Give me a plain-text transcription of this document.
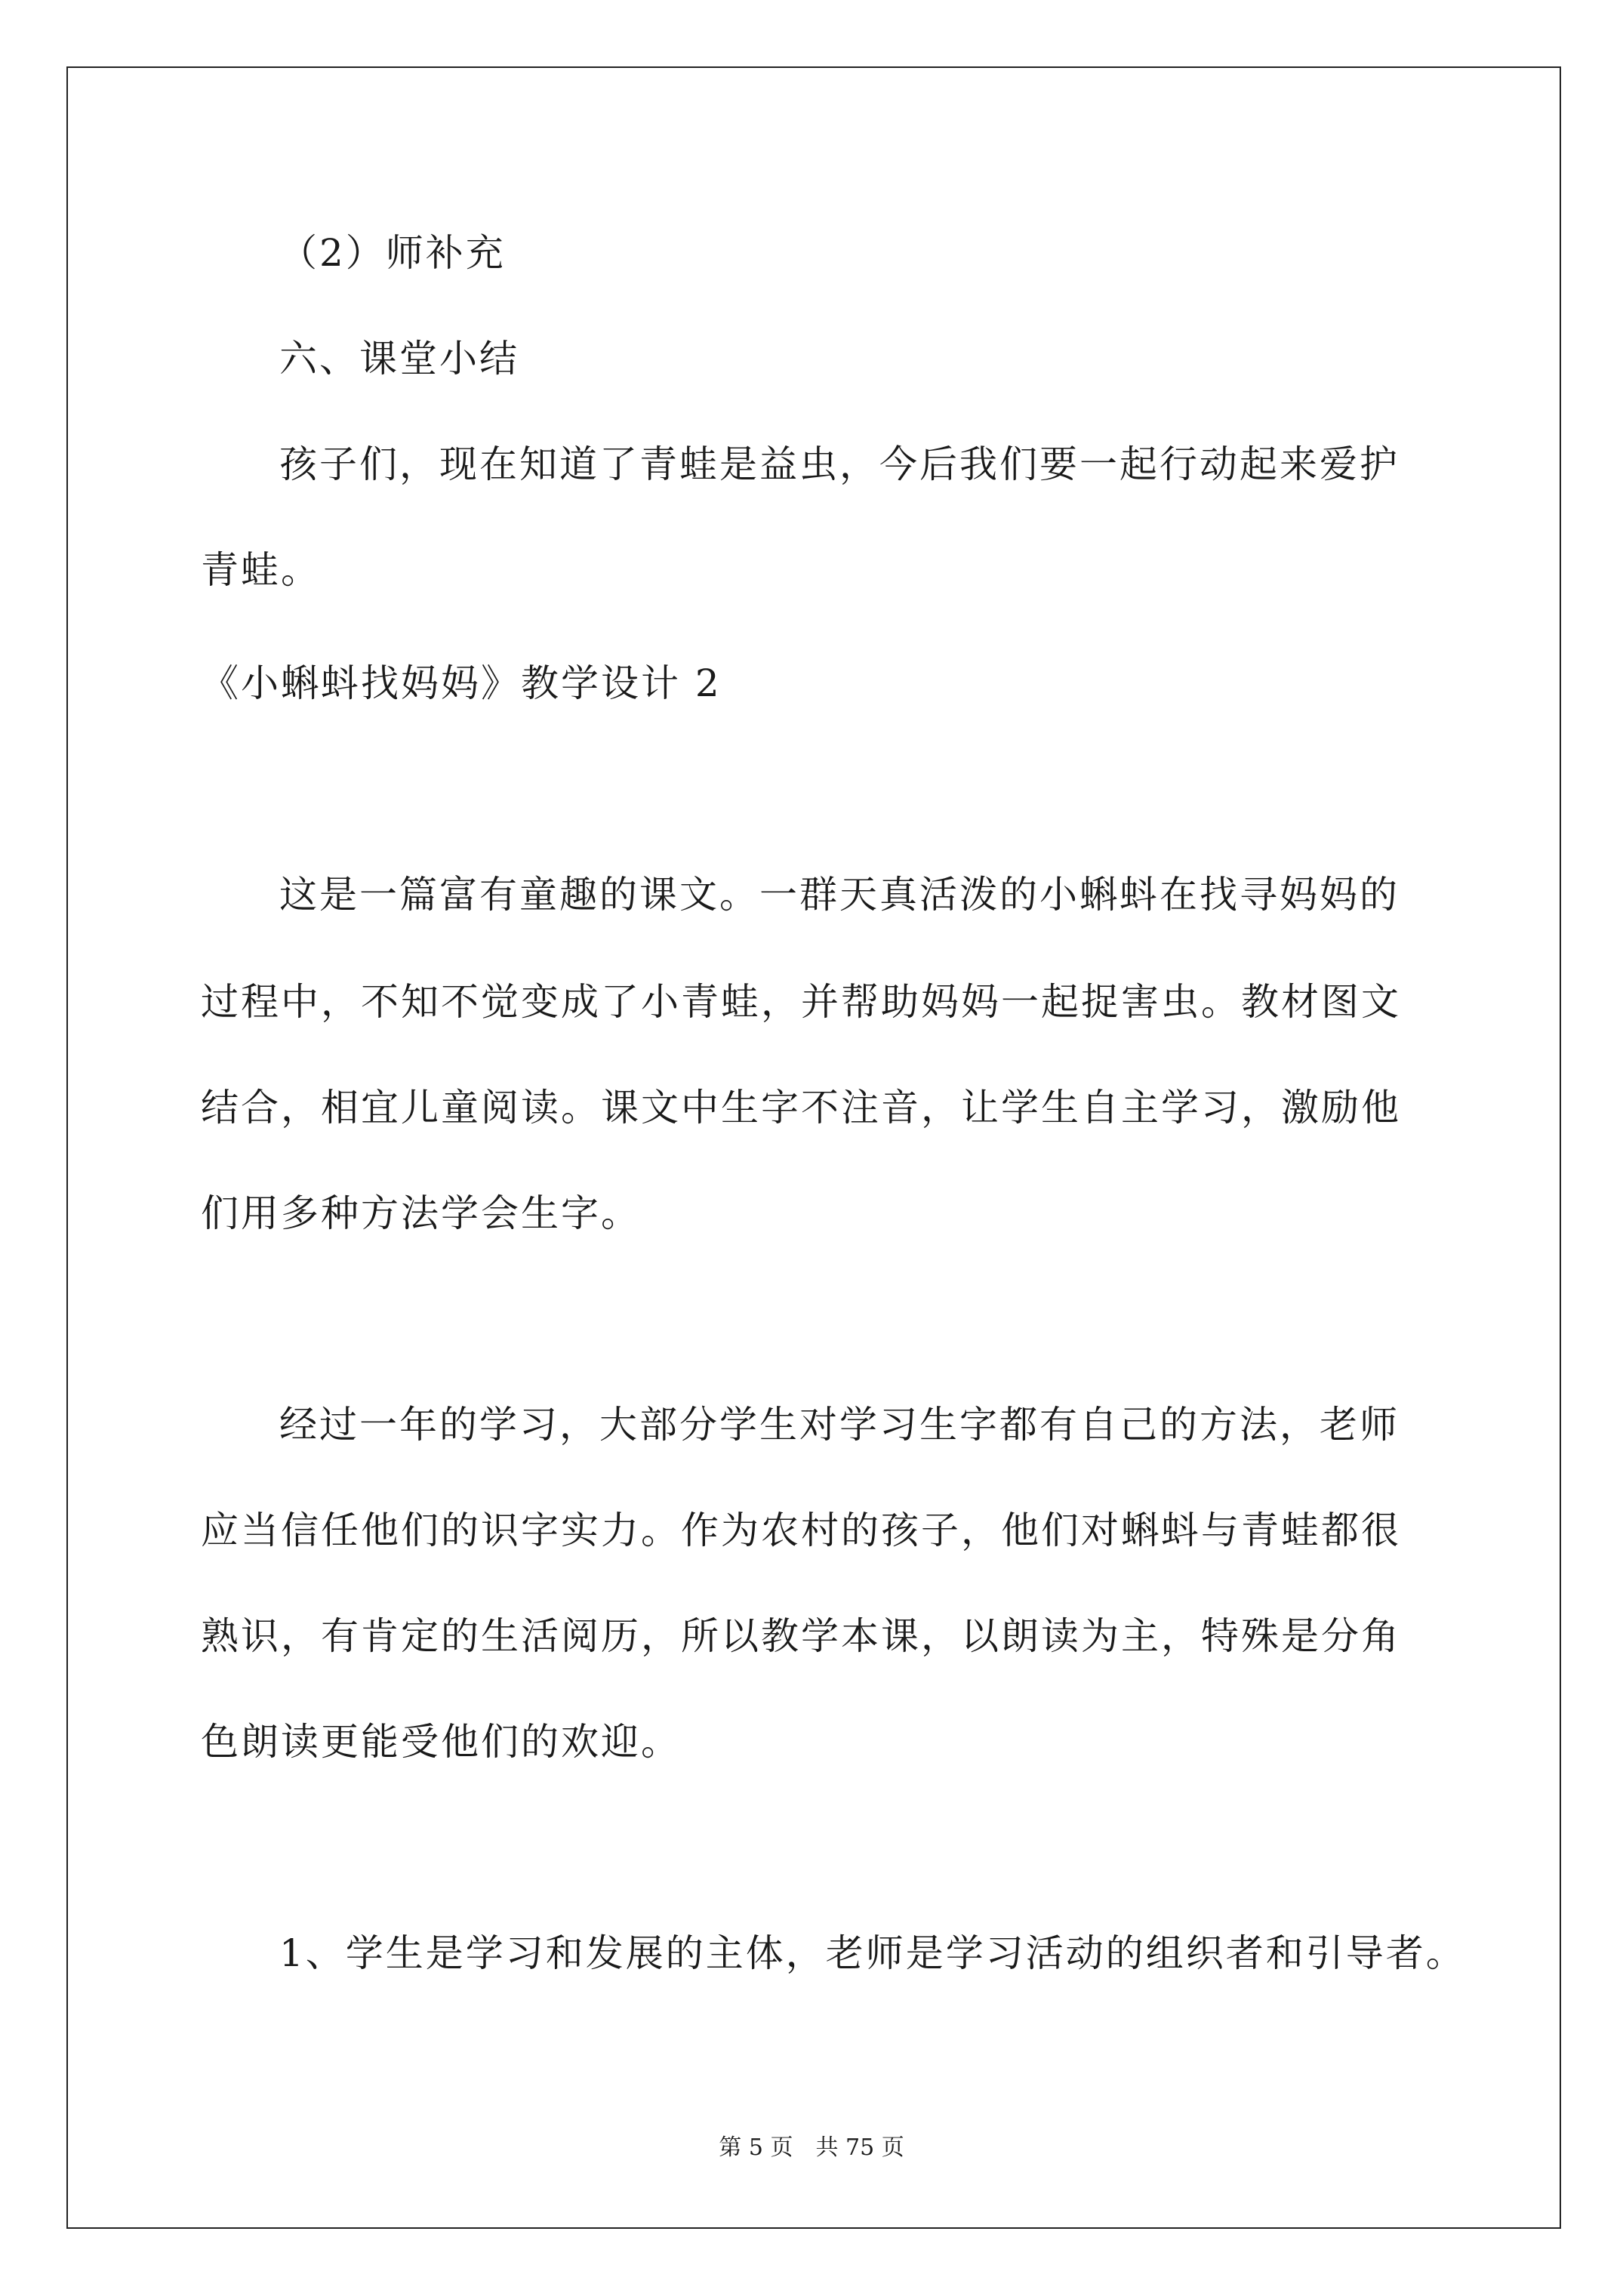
（2）师补充
六、课堂小结
孩子们，现在知道了青蛙是益虫，今后我们要一起行动起来爱护
青蛙。
《小蝌蚪找妈妈》教学设计 2
这是一篇富有童趣的课文。一群天真活泼的小蝌蚪在找寻妈妈的
过程中，不知不觉变成了小青蛙，并帮助妈妈一起捉害虫。教材图文
结合，相宜儿童阅读。课文中生字不注音，让学生自主学习，激励他
们用多种方法学会生字。
经过一年的学习，大部分学生对学习生字都有自己的方法，老师
应当信任他们的识字实力。作为农村的孩子，他们对蝌蚪与青蛙都很
熟识，有肯定的生活阅历，所以教学本课，以朗读为主，特殊是分角
色朗读更能受他们的欢迎。
1、学生是学习和发展的主体，老师是学习活动的组织者和引导者。
第 5 页 共 75 页
